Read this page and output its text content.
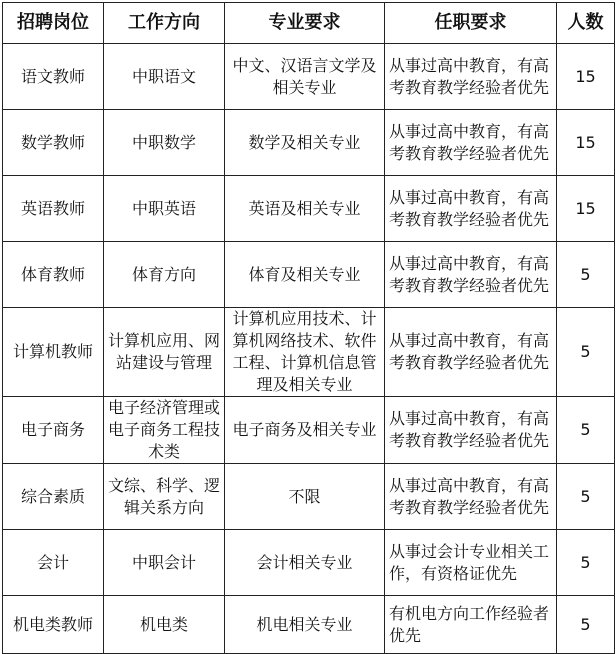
招聘岗位	工作方向	专业要求	任职要求	人数
语文教师	中职语文	中文、汉语言文学及相关专业	从事过高中教育，有高考教育教学经验者优先	15
数学教师	中职数学	数学及相关专业	从事过高中教育，有高考教育教学经验者优先	15
英语教师	中职英语	英语及相关专业	从事过高中教育，有高考教育教学经验者优先	15
体育教师	体育方向	体育及相关专业	从事过高中教育，有高考教育教学经验者优先	5
计算机教师	计算机应用、网站建设与管理	计算机应用技术、计算机网络技术、软件工程、计算机信息管理及相关专业	从事过高中教育，有高考教育教学经验者优先	5
电子商务	电子经济管理或电子商务工程技术类	电子商务及相关专业	从事过高中教育，有高考教育教学经验者优先	5
综合素质	文综、科学、逻辑关系方向	不限	从事过高中教育，有高考教育教学经验者优先	5
会计	中职会计	会计相关专业	从事过会计专业相关工作，有资格证优先	5
机电类教师	机电类	机电相关专业	有机电方向工作经验者优先	5
